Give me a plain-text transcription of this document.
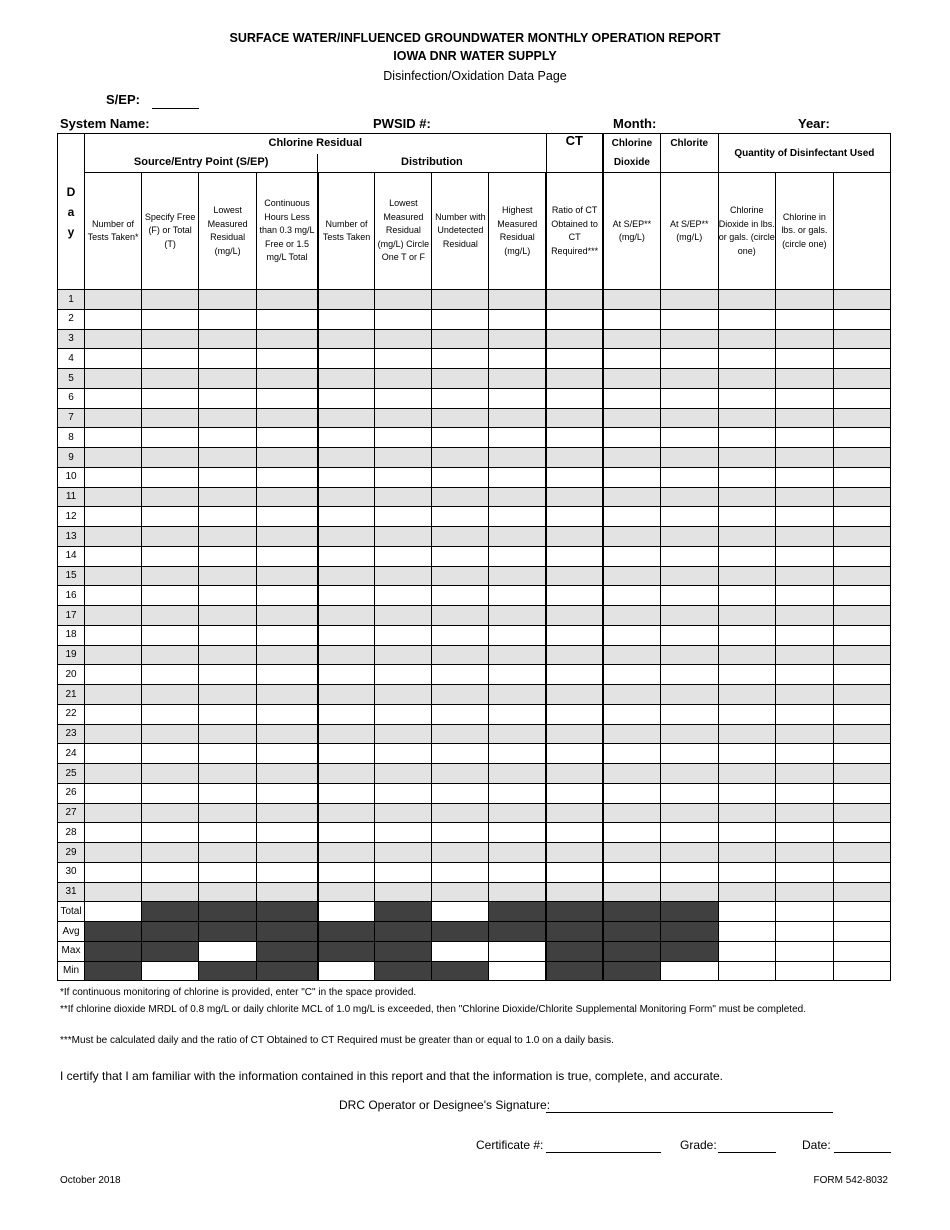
SURFACE WATER/INFLUENCED GROUNDWATER MONTHLY OPERATION REPORT
IOWA DNR WATER SUPPLY
Disinfection/Oxidation Data Page
S/EP:
System Name:	PWSID #:	Month:	Year:
D
a
y	Chlorine Residual								CT	Chlorine Dioxide	Chlorite	Quantity of Disinfectant Used		
	Source/Entry Point (S/EP)				Distribution									
	Number of Tests Taken*	Specify Free (F) or Total (T)	Lowest Measured Residual (mg/L)	Continuous Hours Less than 0.3 mg/L Free or 1.5 mg/L Total	Number of Tests Taken	Lowest Measured Residual (mg/L) Circle One T or F	Number with Undetected Residual	Highest Measured Residual (mg/L)	Ratio of CT Obtained to CT Required***	At S/EP** (mg/L)	At S/EP** (mg/L)	Chlorine Dioxide in lbs. or gals. (circle one)	Chlorine in lbs. or gals. (circle one)	
1														
2														
3														
4														
5														
6														
7														
8														
9														
10														
11														
12														
13														
14														
15														
16														
17														
18														
19														
20														
21														
22														
23														
24														
25														
26														
27														
28														
29														
30														
31														
Total														
Avg														
Max														
Min														
*If continuous monitoring of chlorine is provided, enter "C" in the space provided.
**If chlorine dioxide MRDL of 0.8 mg/L or daily chlorite MCL of 1.0 mg/L is exceeded, then "Chlorine Dioxide/Chlorite Supplemental Monitoring Form" must be completed.
***Must be calculated daily and the ratio of CT Obtained to CT Required must be greater than or equal to 1.0 on a daily basis.
I certify that I am familiar with the information contained in this report and that the information is true, complete, and accurate.
DRC Operator or Designee's Signature:
Certificate #:	Grade:	Date:
October 2018	FORM 542-8032
